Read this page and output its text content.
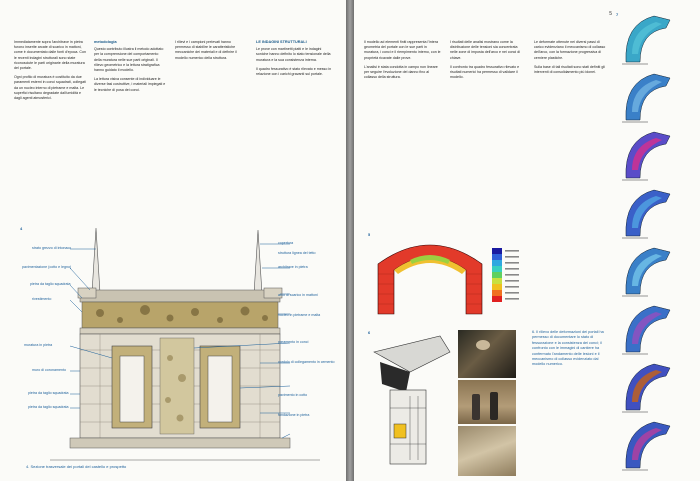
Immediatamente sopra l'architrave in pietra furono inserite arcate di scarico in mattoni, come è documentato dalle fonti d'epoca. Con le recenti indagini strutturali sono state riconosciute le parti originarie della muratura del portale.

Ogni profilo di muratura è costituito da due paramenti esterni in conci squadrati, collegati da un nucleo interno di pietrame e malta. Le superfici risultano degradate dall'umidità e dagli agenti atmosferici.

metodologia

Questo contributo illustra il metodo adottato per la comprensione del comportamento della muratura nelle sue parti originali. Il rilievo geometrico e la lettura stratigrafica hanno guidato il modello.

La lettura visiva consente di individuare le diverse fasi costruttive, i materiali impiegati e le tecniche di posa dei conci.

I rilievi e i campioni prelevati hanno permesso di stabilire le caratteristiche meccaniche dei materiali e di definire il modello numerico della struttura.

LE INDAGINI STRUTTURALI

Le prove con martinetti piatti e le indagini soniche hanno definito lo stato tensionale della muratura e la sua consistenza interna.

Il quadro fessurativo è stato rilevato e messo in relazione con i carichi gravanti sul portale.

4
strato grezzo di intonaco
pavimentazione (cotto e legno)
pietra da taglio squadrata
rivestimento
muratura in pietra
muro di coronamento
pietra da taglio squadrata
pietra da taglio squadrata
copertura
struttura lignea del tetto
architrave in pietra
arco di scarico in mattoni
nucleo in pietrame e malta
paramento in conci
cordolo di collegamento in cemento
pavimento in cotto
fondazione in pietra
4. Sezione trasversale dei portali del castello e prospetto
5

Il modello ad elementi finiti rappresenta l'intera geometria del portale con le sue parti in muratura, i conci e il riempimento interno, con le proprietà ricavate dalle prove.

L'analisi è stata condotta in campo non lineare per seguire l'evoluzione del danno fino al collasso della struttura.

I risultati delle analisi mostrano come la distribuzione delle tensioni sia concentrata nelle zone di imposta dell'arco e nei conci di chiave.

Il confronto tra quadro fessurativo rilevato e risultati numerici ha permesso di validare il modello.

Le deformate ottenute nei diversi passi di carico evidenziano il meccanismo di collasso dell'arco, con la formazione progressiva di cerniere plastiche.

Sulla base di tali risultati sono stati definiti gli interventi di consolidamento più idonei.

5
6	6. Il rilievo delle deformazioni dei portali ha permesso di documentare lo stato di fessurazione e la consistenza dei conci; il confronto con le immagini di cantiere ha confermato l'andamento delle lesioni e il meccanismo di collasso evidenziato dal modello numerico.
7
